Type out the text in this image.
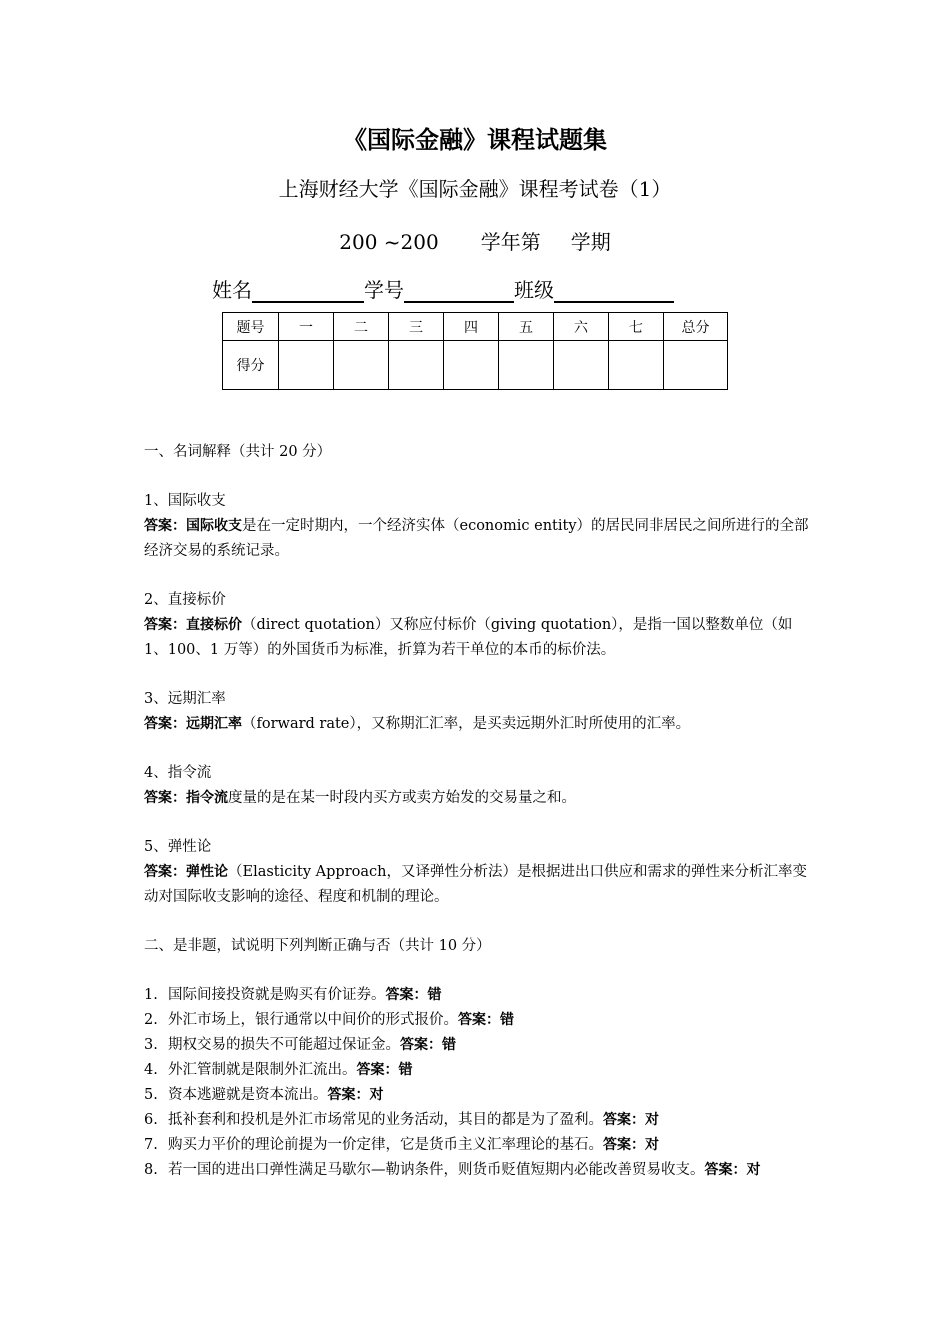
《国际金融》课程试题集
上海财经大学《国际金融》课程考试卷（1）
200 ~200 学年第 学期
姓名	学号	班级
题号	一	二	三	四	五	六	七	总分
得分								

一、名词解释（共计 20 分）

1、国际收支

答案：国际收支是在一定时期内，一个经济实体（economic entity）的居民同非居民之间所进行的全部经济交易的系统记录。

2、直接标价

答案：直接标价（direct quotation）又称应付标价（giving quotation），是指一国以整数单位（如 1、100、1 万等）的外国货币为标准，折算为若干单位的本币的标价法。

3、远期汇率

答案：远期汇率（forward rate），又称期汇汇率，是买卖远期外汇时所使用的汇率。

4、指令流

答案：指令流度量的是在某一时段内买方或卖方始发的交易量之和。

5、弹性论

答案：弹性论（Elasticity Approach，又译弹性分析法）是根据进出口供应和需求的弹性来分析汇率变动对国际收支影响的途径、程度和机制的理论。

二、是非题，试说明下列判断正确与否（共计 10 分）

1. 国际间接投资就是购买有价证券。答案：错

2. 外汇市场上，银行通常以中间价的形式报价。答案：错

3. 期权交易的损失不可能超过保证金。答案：错

4. 外汇管制就是限制外汇流出。答案：错

5. 资本逃避就是资本流出。答案：对

6. 抵补套利和投机是外汇市场常见的业务活动，其目的都是为了盈利。答案：对

7. 购买力平价的理论前提为一价定律，它是货币主义汇率理论的基石。答案：对

8. 若一国的进出口弹性满足马歇尔—勒讷条件，则货币贬值短期内必能改善贸易收支。答案：对
